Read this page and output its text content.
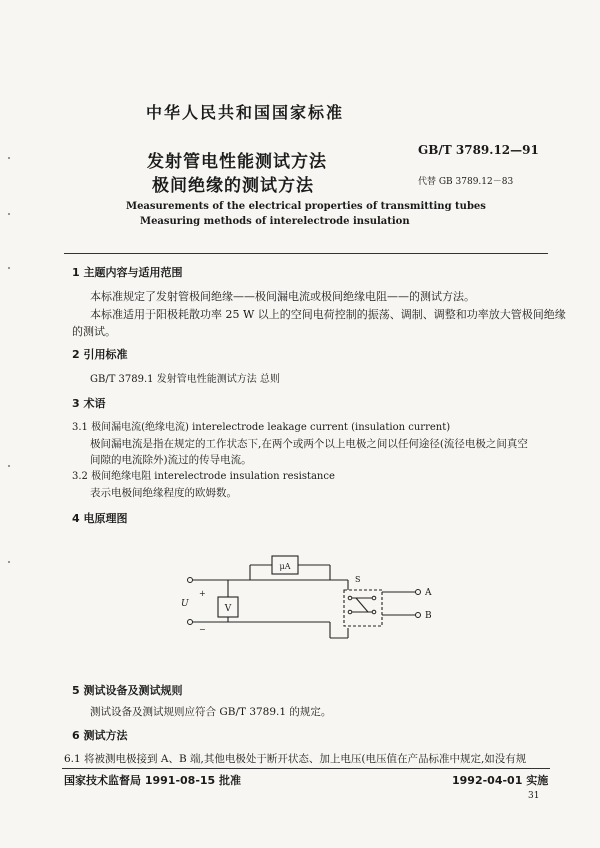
中华人民共和国国家标准
发射管电性能测试方法
极间绝缘的测试方法
GB/T 3789.12—91
代替 GB 3789.12－83
Measurements of the electrical properties of transmitting tubes
Measuring methods of interelectrode insulation
1 主题内容与适用范围
本标准规定了发射管极间绝缘——极间漏电流或极间绝缘电阻——的测试方法。
本标准适用于阳极耗散功率 25 W 以上的空间电荷控制的振荡、调制、调整和功率放大管极间绝缘
的测试。
2 引用标准
GB/T 3789.1 发射管电性能测试方法 总则
3 术语
3.1 极间漏电流(绝缘电流) interelectrode leakage current (insulation current)
极间漏电流是指在规定的工作状态下,在两个或两个以上电极之间以任何途径(流径电极之间真空
间隙的电流除外)流过的传导电流。
3.2 极间绝缘电阻 interelectrode insulation resistance
表示电极间绝缘程度的欧姆数。
4 电原理图
μA
V
+
U
−
S
A
B
5 测试设备及测试规则
测试设备及测试规则应符合 GB/T 3789.1 的规定。
6 测试方法
6.1 将被测电极接到 A、B 端,其他电极处于断开状态、加上电压(电压值在产品标准中规定,如没有规
国家技术监督局 1991-08-15 批准	1992-04-01 实施
31
